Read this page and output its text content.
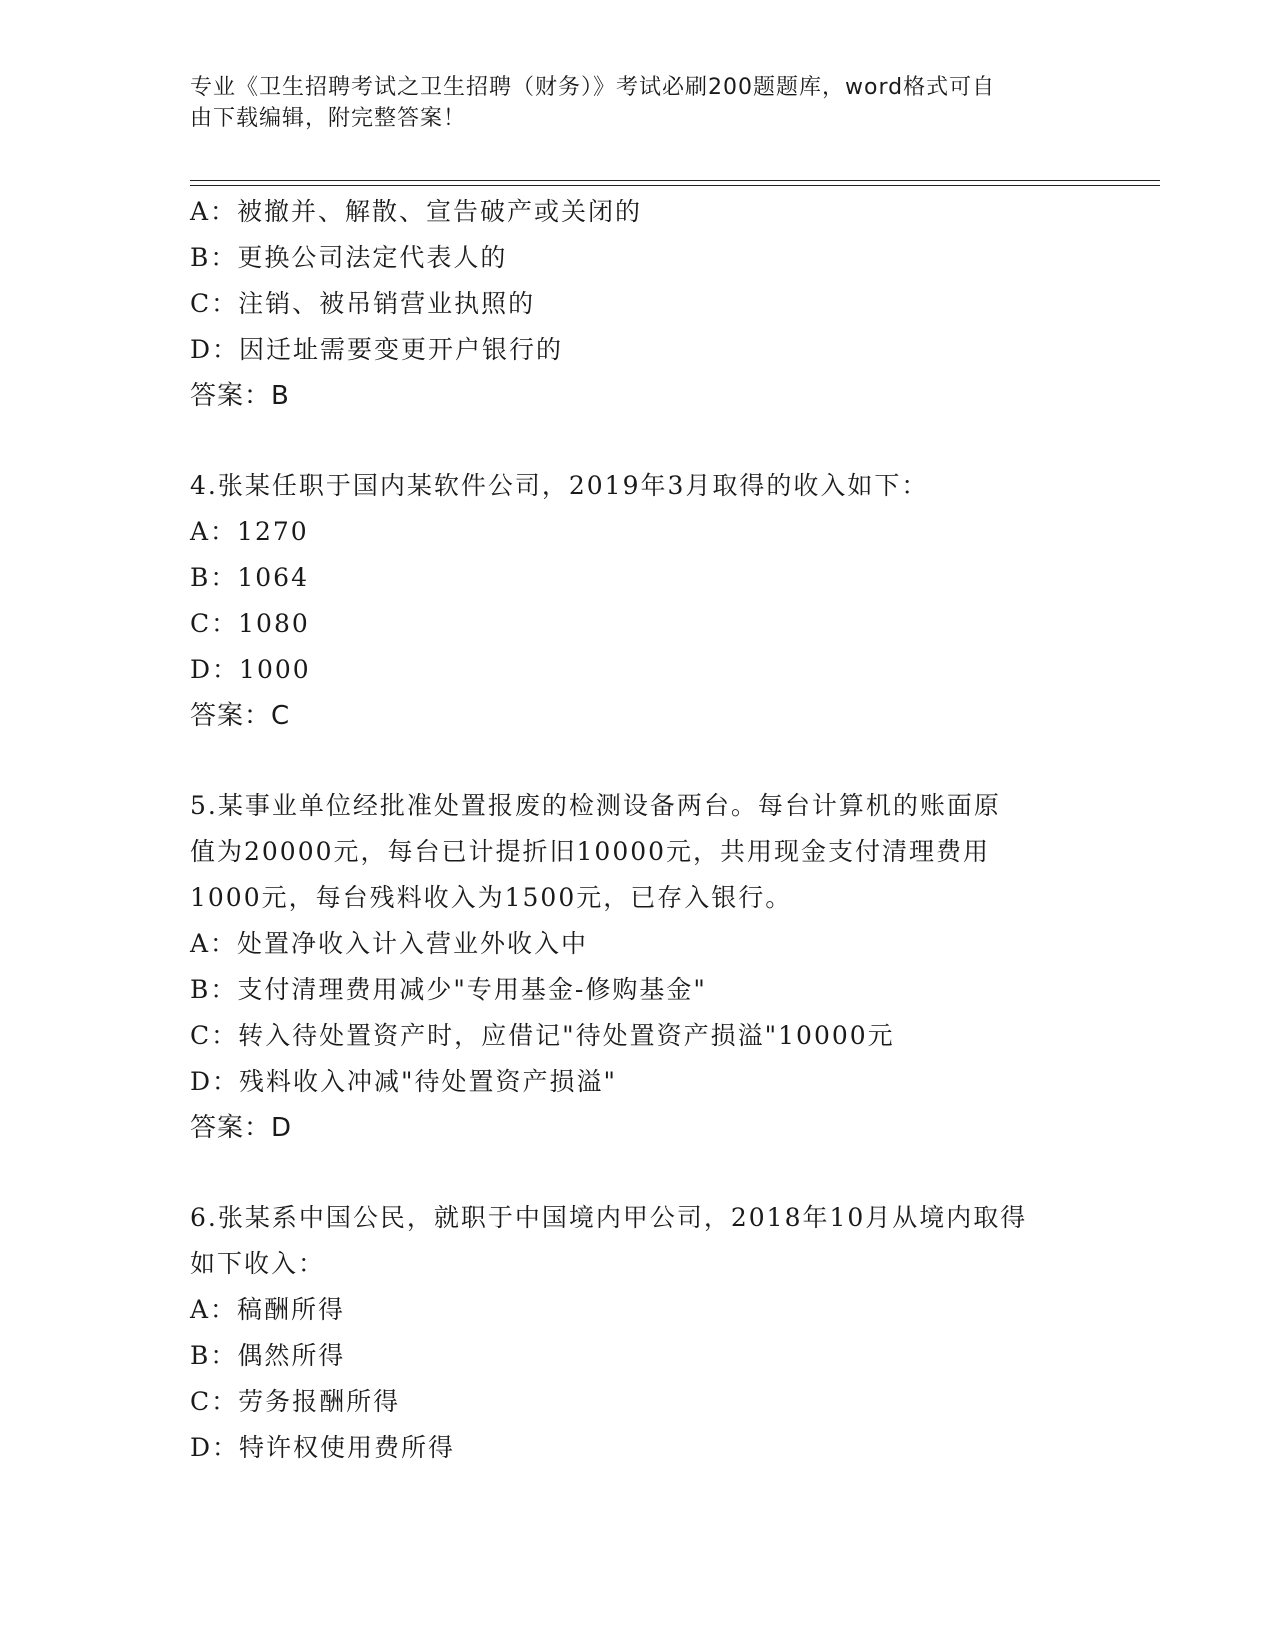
专业《卫生招聘考试之卫生招聘（财务）》考试必刷200题题库，word格式可自
由下载编辑，附完整答案！
A：被撤并、解散、宣告破产或关闭的
B：更换公司法定代表人的
C：注销、被吊销营业执照的
D：因迁址需要变更开户银行的
答案：B
4.张某任职于国内某软件公司，2019年3月取得的收入如下：
A：1270
B：1064
C：1080
D：1000
答案：C
5.某事业单位经批准处置报废的检测设备两台。每台计算机的账面原
值为20000元，每台已计提折旧10000元，共用现金支付清理费用
1000元，每台残料收入为1500元，已存入银行。
A：处置净收入计入营业外收入中
B：支付清理费用减少"专用基金-修购基金"
C：转入待处置资产时，应借记"待处置资产损溢"10000元
D：残料收入冲减"待处置资产损溢"
答案：D
6.张某系中国公民，就职于中国境内甲公司，2018年10月从境内取得
如下收入：
A：稿酬所得
B：偶然所得
C：劳务报酬所得
D：特许权使用费所得
